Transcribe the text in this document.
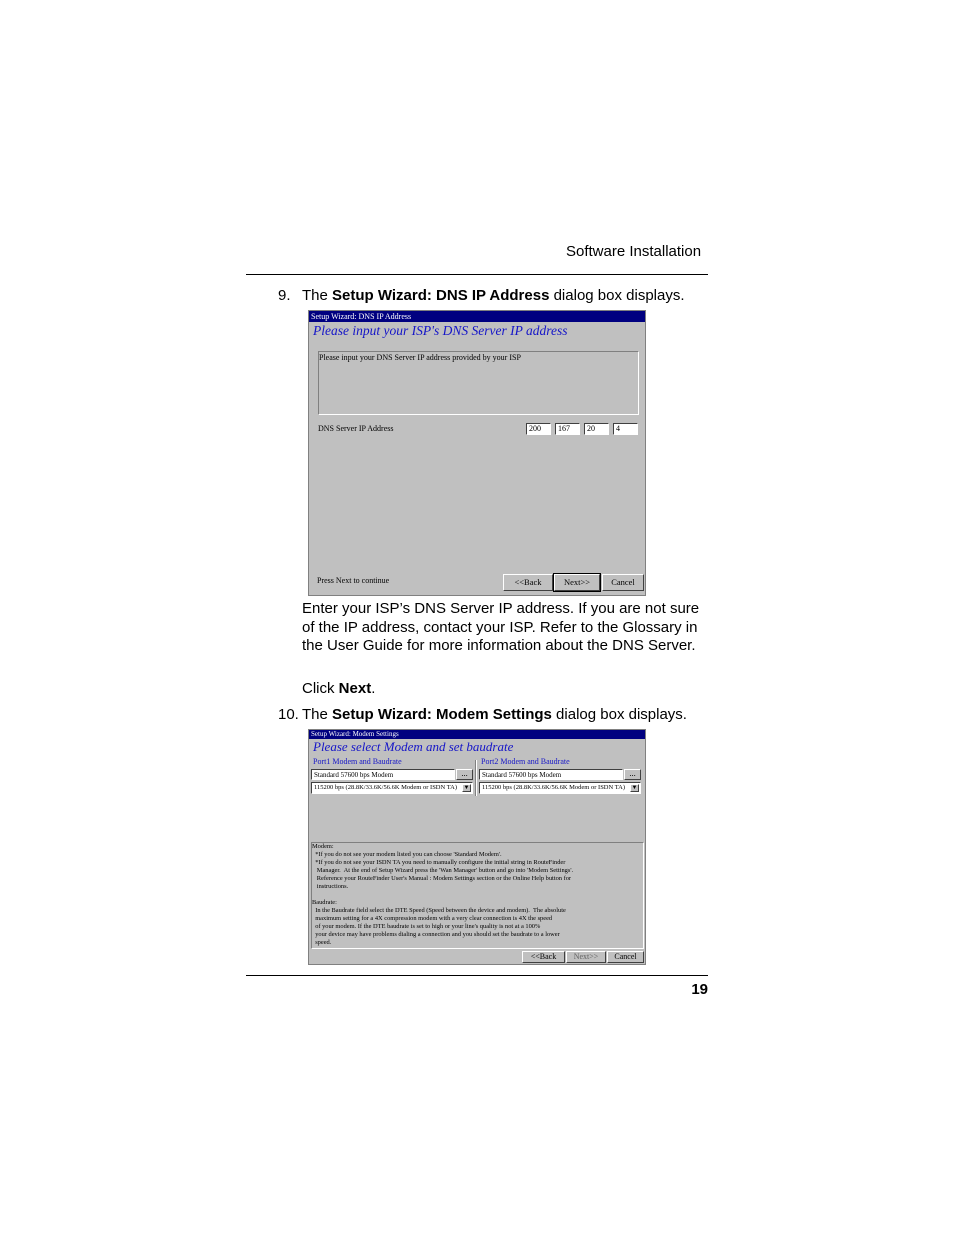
Software Installation
9. The Setup Wizard: DNS IP Address dialog box displays.
Setup Wizard: DNS IP Address
Please input your ISP's DNS Server IP address
Please input your DNS Server IP address provided by your ISP
DNS Server IP Address	200	167	20	4
Press Next to continue	<<Back	Next>>	Cancel
Enter your ISP’s DNS Server IP address. If you are not sure of the IP address, contact your ISP. Refer to the Glossary in the User Guide for more information about the DNS Server.
Click Next.
10. The Setup Wizard: Modem Settings dialog box displays.
Setup Wizard: Modem Settings
Please select Modem and set baudrate
Port1 Modem and Baudrate	Port2 Modem and Baudrate
Standard 57600 bps Modem	...	Standard 57600 bps Modem	...
115200 bps (28.8K/33.6K/56.6K Modem or ISDN TA) ▼	115200 bps (28.8K/33.6K/56.6K Modem or ISDN TA) ▼
Modem:
*If you do not see your modem listed you can choose 'Standard Modem'.
*If you do not see your ISDN TA you need to manually configure the initial string in RouteFinder
Manager.  At the end of Setup Wizard press the 'Wan Manager' button and go into 'Modem Settings'.
Reference your RouteFinder User's Manual : Modem Settings section or the Online Help button for
instructions.

Baudrate:
In the Baudrate field select the DTE Speed (Speed between the device and modem).  The absolute
maximum setting for a 4X compression modem with a very clear connection is 4X the speed
of your modem. If the DTE baudrate is set to high or your line's quality is not at a 100%
your device may have problems dialing a connection and you should set the baudrate to a lower
speed.
<<Back	Next>>	Cancel
19
